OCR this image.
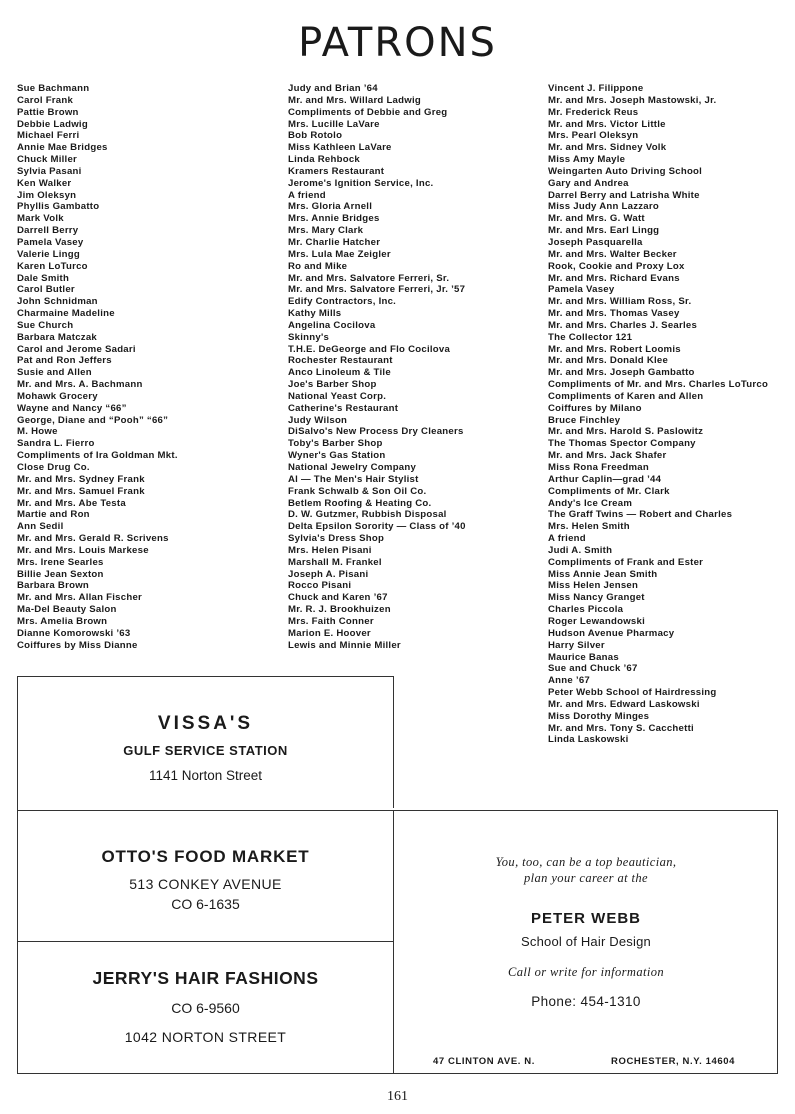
PATRONS
Sue Bachmann
Carol Frank
Pattie Brown
Debbie Ladwig
Michael Ferri
Annie Mae Bridges
Chuck Miller
Sylvia Pasani
Ken Walker
Jim Oleksyn
Phyllis Gambatto
Mark Volk
Darrell Berry
Pamela Vasey
Valerie Lingg
Karen LoTurco
Dale Smith
Carol Butler
John Schnidman
Charmaine Madeline
Sue Church
Barbara Matczak
Carol and Jerome Sadari
Pat and Ron Jeffers
Susie and Allen
Mr. and Mrs. A. Bachmann
Mohawk Grocery
Wayne and Nancy “66”
George, Diane and “Pooh” “66”
M. Howe
Sandra L. Fierro
Compliments of Ira Goldman Mkt.
Close Drug Co.
Mr. and Mrs. Sydney Frank
Mr. and Mrs. Samuel Frank
Mr. and Mrs. Abe Testa
Martie and Ron
Ann Sedil
Mr. and Mrs. Gerald R. Scrivens
Mr. and Mrs. Louis Markese
Mrs. Irene Searles
Billie Jean Sexton
Barbara Brown
Mr. and Mrs. Allan Fischer
Ma-Del Beauty Salon
Mrs. Amelia Brown
Dianne Komorowski ’63
Coiffures by Miss Dianne
Judy and Brian ’64
Mr. and Mrs. Willard Ladwig
Compliments of Debbie and Greg
Mrs. Lucille LaVare
Bob Rotolo
Miss Kathleen LaVare
Linda Rehbock
Kramers Restaurant
Jerome's Ignition Service, Inc.
A friend
Mrs. Gloria Arnell
Mrs. Annie Bridges
Mrs. Mary Clark
Mr. Charlie Hatcher
Mrs. Lula Mae Zeigler
Ro and Mike
Mr. and Mrs. Salvatore Ferreri, Sr.
Mr. and Mrs. Salvatore Ferreri, Jr. ’57
Edify Contractors, Inc.
Kathy Mills
Angelina Cocilova
Skinny's
T.H.E. DeGeorge and Flo Cocilova
Rochester Restaurant
Anco Linoleum & Tile
Joe's Barber Shop
National Yeast Corp.
Catherine's Restaurant
Judy Wilson
DiSalvo's New Process Dry Cleaners
Toby's Barber Shop
Wyner's Gas Station
National Jewelry Company
Al — The Men's Hair Stylist
Frank Schwalb & Son Oil Co.
Betlem Roofing & Heating Co.
D. W. Gutzmer, Rubbish Disposal
Delta Epsilon Sorority — Class of ’40
Sylvia's Dress Shop
Mrs. Helen Pisani
Marshall M. Frankel
Joseph A. Pisani
Rocco Pisani
Chuck and Karen ’67
Mr. R. J. Brookhuizen
Mrs. Faith Conner
Marion E. Hoover
Lewis and Minnie Miller
Vincent J. Filippone
Mr. and Mrs. Joseph Mastowski, Jr.
Mr. Frederick Reus
Mr. and Mrs. Victor Little
Mrs. Pearl Oleksyn
Mr. and Mrs. Sidney Volk
Miss Amy Mayle
Weingarten Auto Driving School
Gary and Andrea
Darrel Berry and Latrisha White
Miss Judy Ann Lazzaro
Mr. and Mrs. G. Watt
Mr. and Mrs. Earl Lingg
Joseph Pasquarella
Mr. and Mrs. Walter Becker
Rook, Cookie and Proxy Lox
Mr. and Mrs. Richard Evans
Pamela Vasey
Mr. and Mrs. William Ross, Sr.
Mr. and Mrs. Thomas Vasey
Mr. and Mrs. Charles J. Searles
The Collector 121
Mr. and Mrs. Robert Loomis
Mr. and Mrs. Donald Klee
Mr. and Mrs. Joseph Gambatto
Compliments of Mr. and Mrs. Charles LoTurco
Compliments of Karen and Allen
Coiffures by Milano
Bruce Finchley
Mr. and Mrs. Harold S. Paslowitz
The Thomas Spector Company
Mr. and Mrs. Jack Shafer
Miss Rona Freedman
Arthur Caplin—grad ’44
Compliments of Mr. Clark
Andy's Ice Cream
The Graff Twins — Robert and Charles
Mrs. Helen Smith
A friend
Judi A. Smith
Compliments of Frank and Ester
Miss Annie Jean Smith
Miss Helen Jensen
Miss Nancy Granget
Charles Piccola
Roger Lewandowski
Hudson Avenue Pharmacy
Harry Silver
Maurice Banas
Sue and Chuck ’67
Anne ’67
Peter Webb School of Hairdressing
Mr. and Mrs. Edward Laskowski
Miss Dorothy Minges
Mr. and Mrs. Tony S. Cacchetti
Linda Laskowski
VISSA'S
GULF SERVICE STATION
1141 Norton Street
OTTO'S FOOD MARKET
513 CONKEY AVENUE
CO 6-1635
JERRY'S HAIR FASHIONS
CO 6-9560
1042 NORTON STREET
You, too, can be a top beautician,
plan your career at the
PETER WEBB
School of Hair Design
Call or write for information
Phone: 454-1310
47 CLINTON AVE. N.	ROCHESTER, N.Y. 14604
161
